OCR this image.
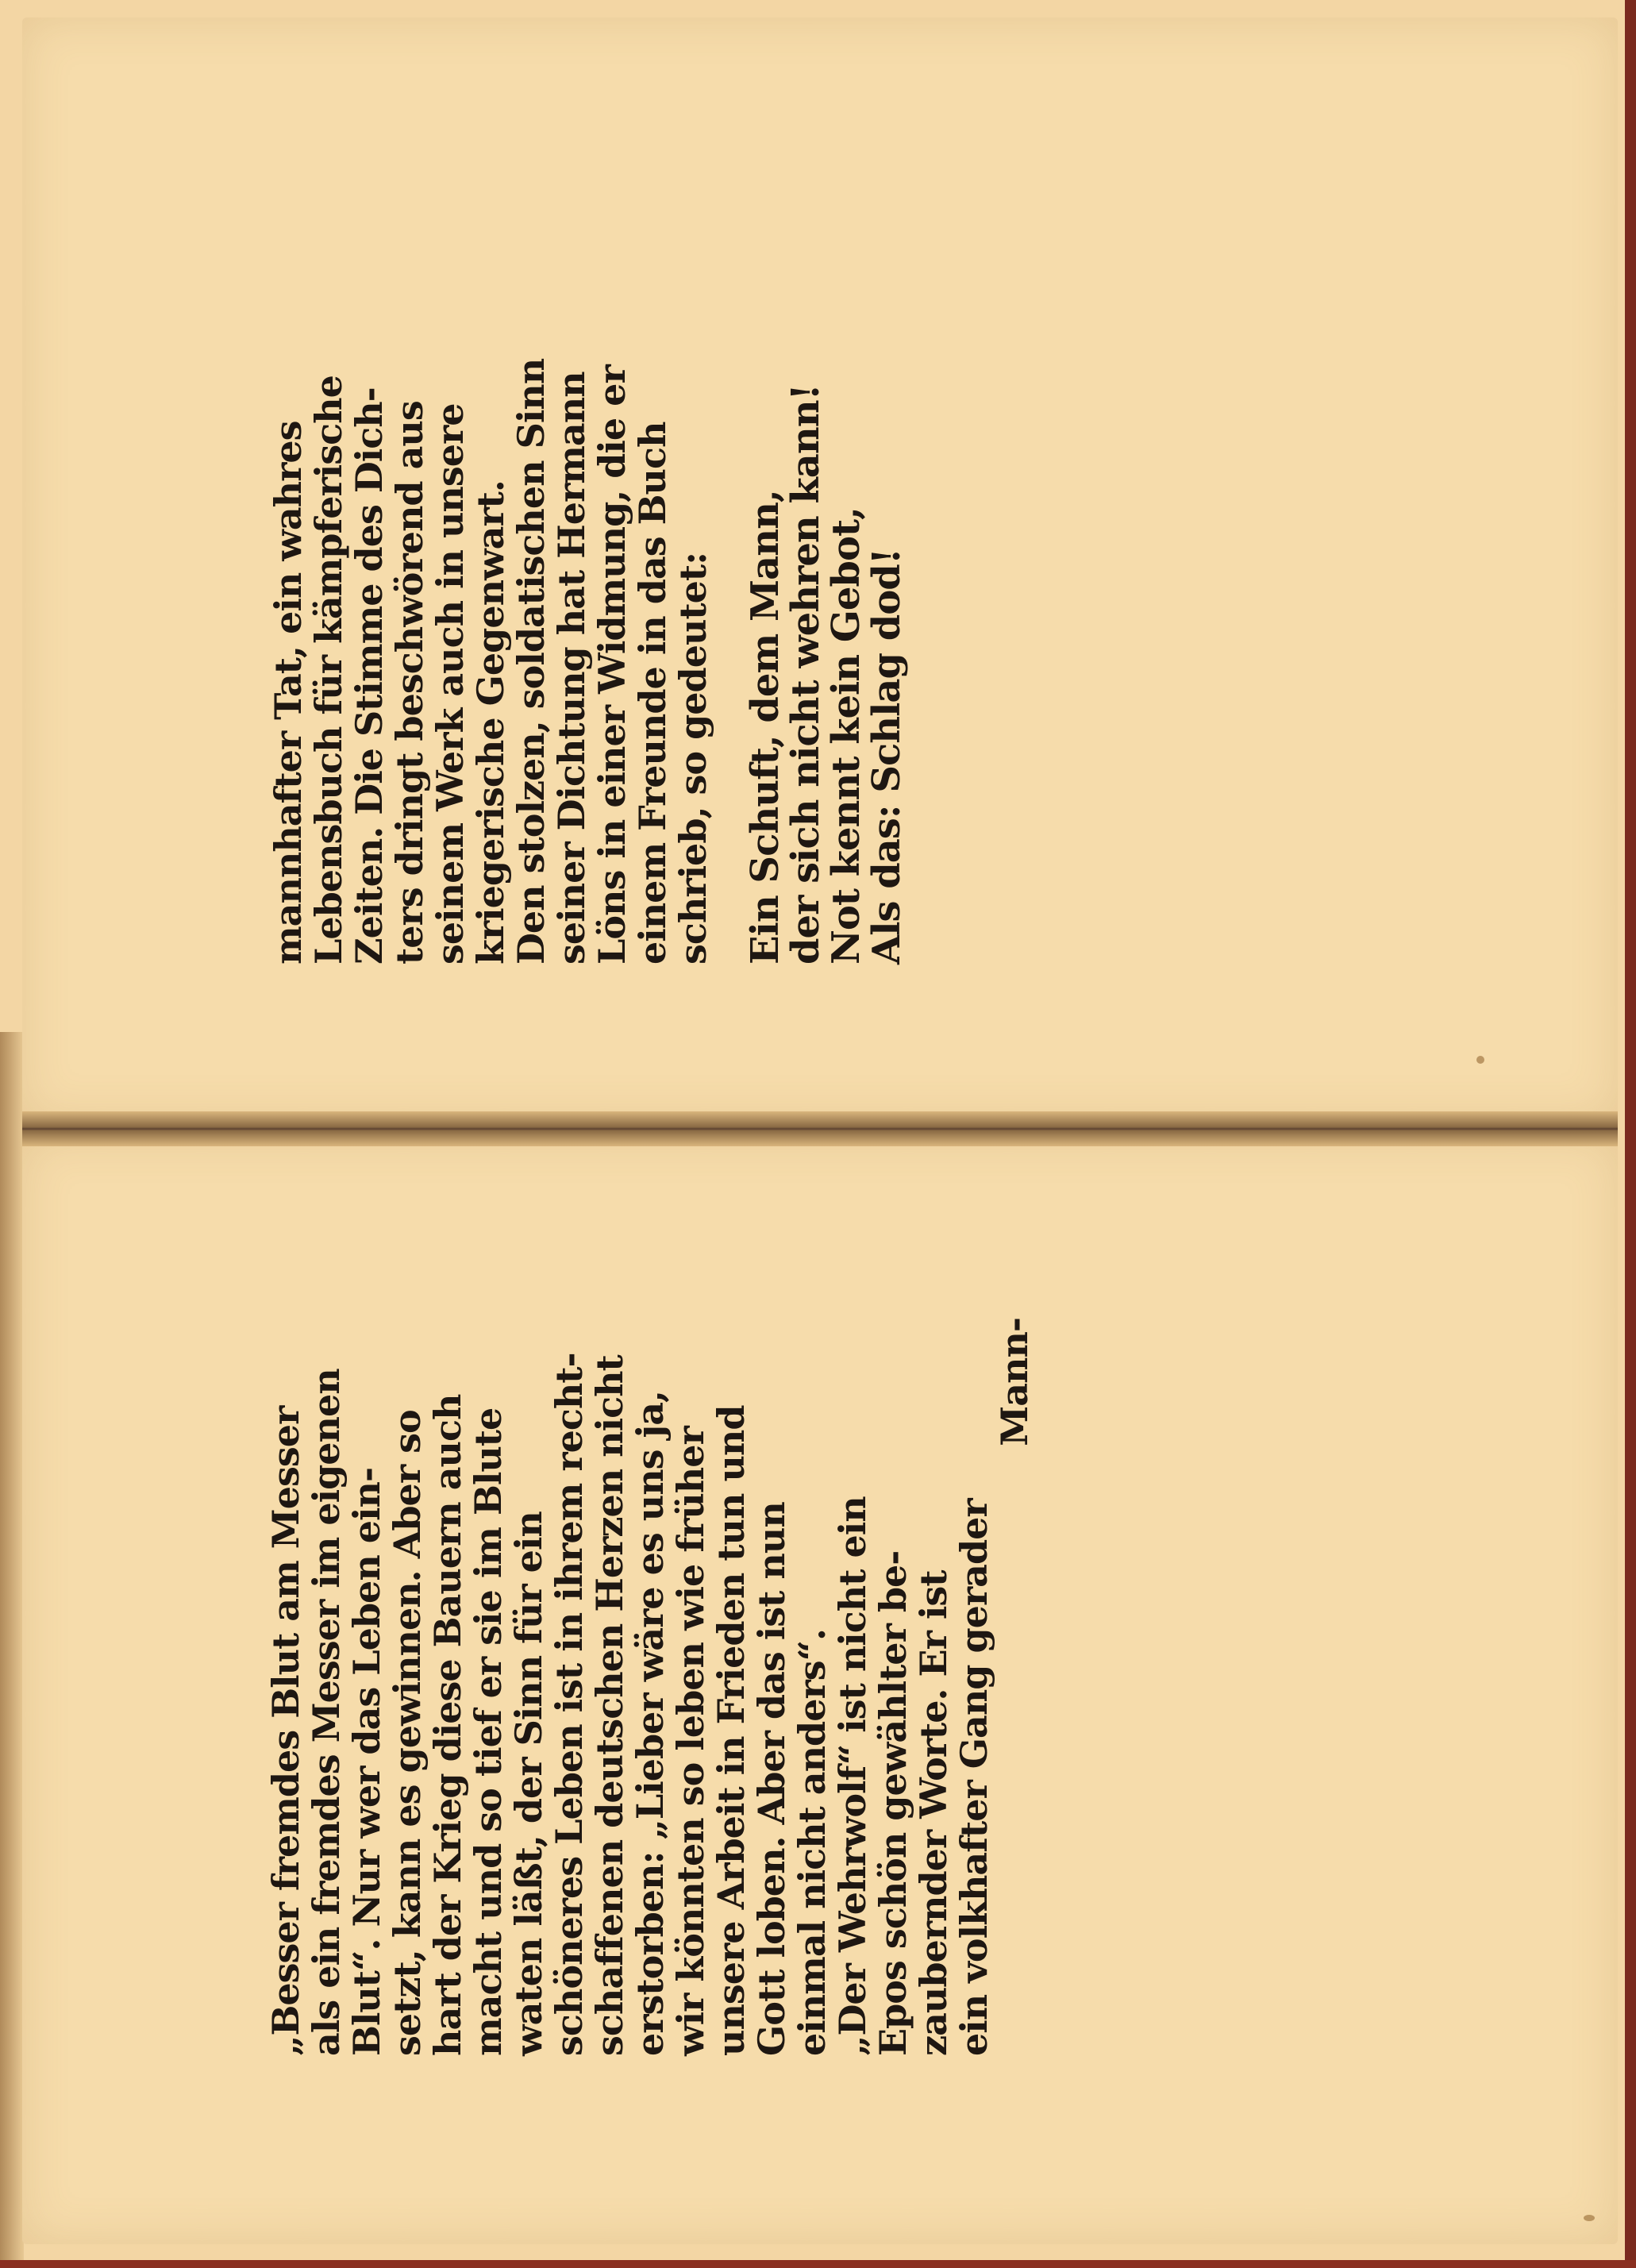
mannhafter Tat, ein wahres
Lebensbuch für kämpferische
Zeiten. Die Stimme des Dich-
ters dringt beschwörend aus
seinem Werk auch in unsere
kriegerische Gegenwart.
Den stolzen, soldatischen Sinn
seiner Dichtung hat Hermann
Löns in einer Widmung, die er
einem Freunde in das Buch
schrieb, so gedeutet: Ein Schuft, dem Mann,
der sich nicht wehren kann!
Not kennt kein Gebot,
Als das: Schlag dod!
„Besser fremdes Blut am Messer
als ein fremdes Messer im eigenen
Blut“. Nur wer das Leben ein-
setzt, kann es gewinnen. Aber so
hart der Krieg diese Bauern auch
macht und so tief er sie im Blute
waten läßt, der Sinn für ein
schöneres Leben ist in ihrem recht-
schaffenen deutschen Herzen nicht
erstorben: „Lieber wäre es uns ja,
wir könnten so leben wie früher
unsere Arbeit in Frieden tun und
Gott loben. Aber das ist nun
einmal nicht anders“.
„Der Wehrwolf“ ist nicht ein
Epos schön gewählter be-
zaubernder Worte. Er ist
ein volkhafter Gang gerader
Mann-
